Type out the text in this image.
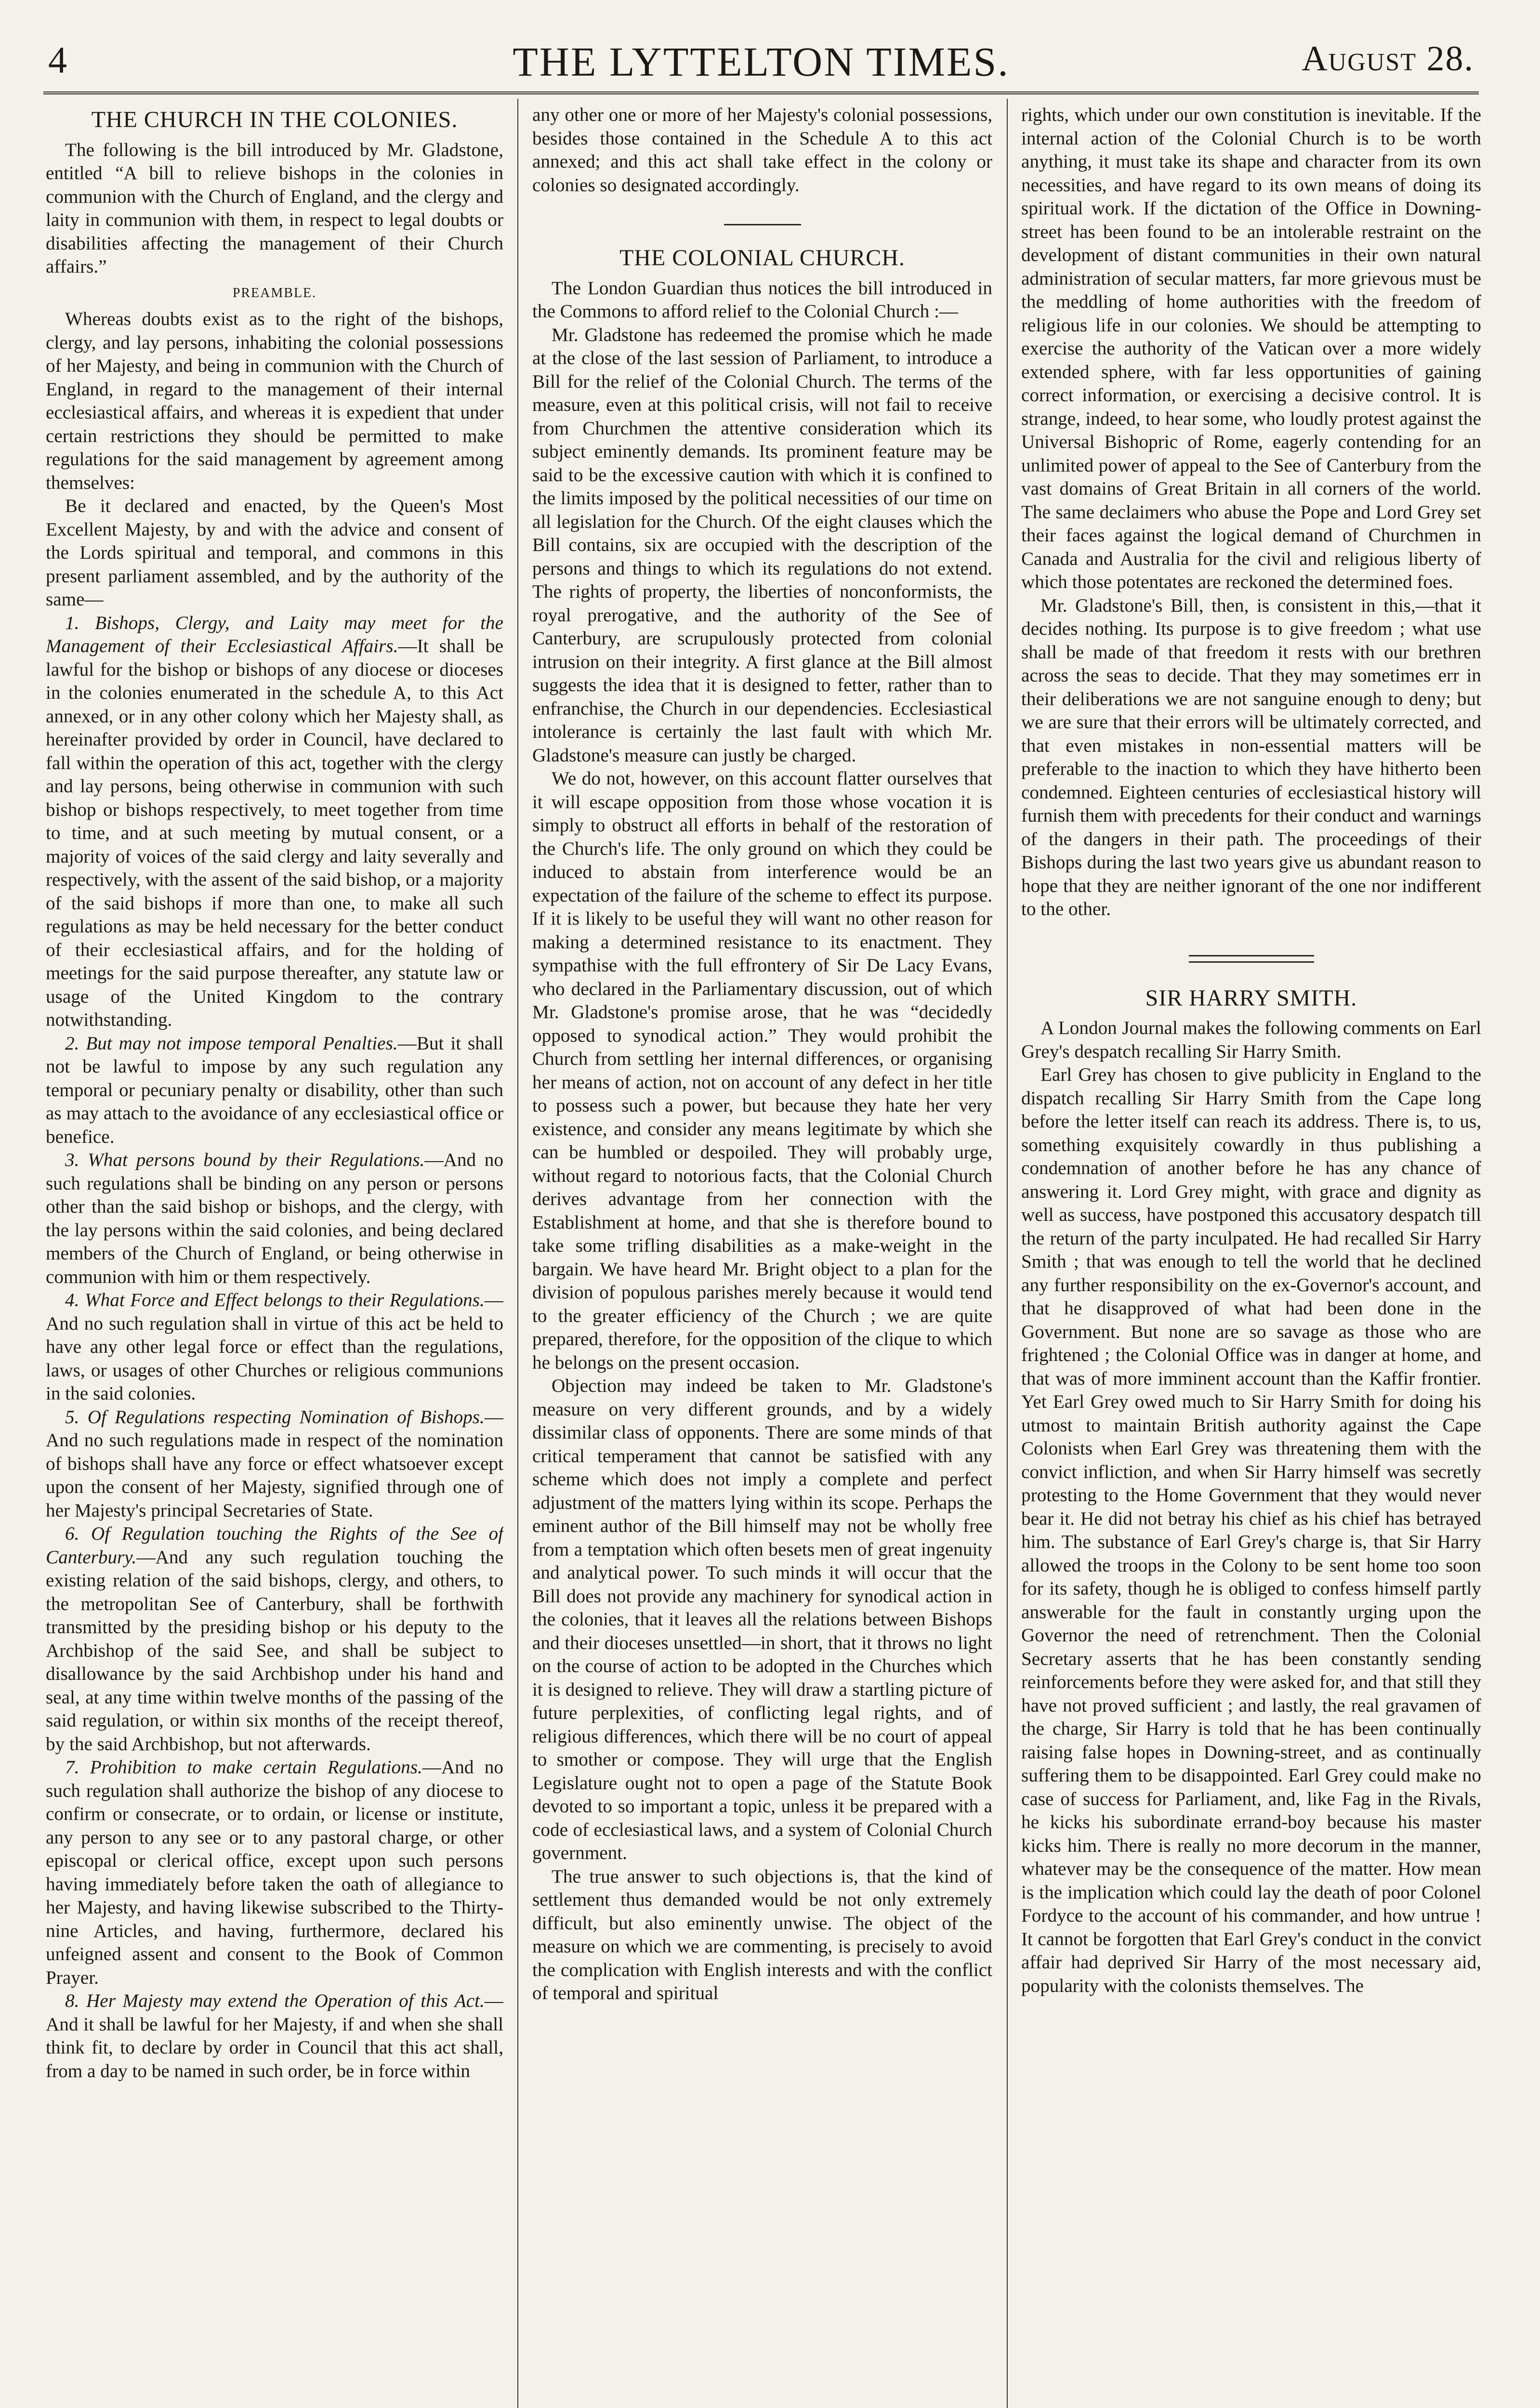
4	THE LYTTELTON TIMES.	August 28.
THE CHURCH IN THE COLONIES.

The following is the bill introduced by Mr. Gladstone, entitled “A bill to relieve bishops in the colonies in communion with the Church of England, and the clergy and laity in communion with them, in respect to legal doubts or disabilities affecting the management of their Church affairs.”

PREAMBLE.

Whereas doubts exist as to the right of the bishops, clergy, and lay persons, inhabiting the colonial possessions of her Majesty, and being in communion with the Church of England, in regard to the management of their internal ecclesiastical affairs, and whereas it is expedient that under certain restrictions they should be permitted to make regulations for the said management by agreement among themselves:

Be it declared and enacted, by the Queen's Most Excellent Majesty, by and with the advice and consent of the Lords spiritual and temporal, and commons in this present parliament assembled, and by the authority of the same—

1. Bishops, Clergy, and Laity may meet for the Management of their Ecclesiastical Affairs.—It shall be lawful for the bishop or bishops of any diocese or dioceses in the colonies enumerated in the schedule A, to this Act annexed, or in any other colony which her Majesty shall, as hereinafter provided by order in Council, have declared to fall within the operation of this act, together with the clergy and lay persons, being otherwise in communion with such bishop or bishops respectively, to meet together from time to time, and at such meeting by mutual consent, or a majority of voices of the said clergy and laity severally and respectively, with the assent of the said bishop, or a majority of the said bishops if more than one, to make all such regulations as may be held necessary for the better conduct of their ecclesiastical affairs, and for the holding of meetings for the said purpose thereafter, any statute law or usage of the United Kingdom to the contrary notwithstanding.

2. But may not impose temporal Penalties.—But it shall not be lawful to impose by any such regulation any temporal or pecuniary penalty or disability, other than such as may attach to the avoidance of any ecclesiastical office or benefice.

3. What persons bound by their Regulations.—And no such regulations shall be binding on any person or persons other than the said bishop or bishops, and the clergy, with the lay persons within the said colonies, and being declared members of the Church of England, or being otherwise in communion with him or them respectively.

4. What Force and Effect belongs to their Regulations.—And no such regulation shall in virtue of this act be held to have any other legal force or effect than the regulations, laws, or usages of other Churches or religious communions in the said colonies.

5. Of Regulations respecting Nomination of Bishops.—And no such regulations made in respect of the nomination of bishops shall have any force or effect whatsoever except upon the consent of her Majesty, signified through one of her Majesty's principal Secretaries of State.

6. Of Regulation touching the Rights of the See of Canterbury.—And any such regulation touching the existing relation of the said bishops, clergy, and others, to the metropolitan See of Canterbury, shall be forthwith transmitted by the presiding bishop or his deputy to the Archbishop of the said See, and shall be subject to disallowance by the said Archbishop under his hand and seal, at any time within twelve months of the passing of the said regulation, or within six months of the receipt thereof, by the said Archbishop, but not afterwards.

7. Prohibition to make certain Regulations.—And no such regulation shall authorize the bishop of any diocese to confirm or consecrate, or to ordain, or license or institute, any person to any see or to any pastoral charge, or other episcopal or clerical office, except upon such persons having immediately before taken the oath of allegiance to her Majesty, and having likewise subscribed to the Thirty-nine Articles, and having, furthermore, declared his unfeigned assent and consent to the Book of Common Prayer.

8. Her Majesty may extend the Operation of this Act.—And it shall be lawful for her Majesty, if and when she shall think fit, to declare by order in Council that this act shall, from a day to be named in such order, be in force within

any other one or more of her Majesty's colonial possessions, besides those contained in the Schedule A to this act annexed; and this act shall take effect in the colony or colonies so designated accordingly.

THE COLONIAL CHURCH.

The London Guardian thus notices the bill introduced in the Commons to afford relief to the Colonial Church :—

Mr. Gladstone has redeemed the promise which he made at the close of the last session of Parliament, to introduce a Bill for the relief of the Colonial Church. The terms of the measure, even at this political crisis, will not fail to receive from Churchmen the attentive consideration which its subject eminently demands. Its prominent feature may be said to be the excessive caution with which it is confined to the limits imposed by the political necessities of our time on all legislation for the Church. Of the eight clauses which the Bill contains, six are occupied with the description of the persons and things to which its regulations do not extend. The rights of property, the liberties of nonconformists, the royal prerogative, and the authority of the See of Canterbury, are scrupulously protected from colonial intrusion on their integrity. A first glance at the Bill almost suggests the idea that it is designed to fetter, rather than to enfranchise, the Church in our dependencies. Ecclesiastical intolerance is certainly the last fault with which Mr. Gladstone's measure can justly be charged.

We do not, however, on this account flatter ourselves that it will escape opposition from those whose vocation it is simply to obstruct all efforts in behalf of the restoration of the Church's life. The only ground on which they could be induced to abstain from interference would be an expectation of the failure of the scheme to effect its purpose. If it is likely to be useful they will want no other reason for making a determined resistance to its enactment. They sympathise with the full effrontery of Sir De Lacy Evans, who declared in the Parliamentary discussion, out of which Mr. Gladstone's promise arose, that he was “decidedly opposed to synodical action.” They would prohibit the Church from settling her internal differences, or organising her means of action, not on account of any defect in her title to possess such a power, but because they hate her very existence, and consider any means legitimate by which she can be humbled or despoiled. They will probably urge, without regard to notorious facts, that the Colonial Church derives advantage from her connection with the Establishment at home, and that she is therefore bound to take some trifling disabilities as a make-weight in the bargain. We have heard Mr. Bright object to a plan for the division of populous parishes merely because it would tend to the greater efficiency of the Church ; we are quite prepared, therefore, for the opposition of the clique to which he belongs on the present occasion.

Objection may indeed be taken to Mr. Gladstone's measure on very different grounds, and by a widely dissimilar class of opponents. There are some minds of that critical temperament that cannot be satisfied with any scheme which does not imply a complete and perfect adjustment of the matters lying within its scope. Perhaps the eminent author of the Bill himself may not be wholly free from a temptation which often besets men of great ingenuity and analytical power. To such minds it will occur that the Bill does not provide any machinery for synodical action in the colonies, that it leaves all the relations between Bishops and their dioceses unsettled—in short, that it throws no light on the course of action to be adopted in the Churches which it is designed to relieve. They will draw a startling picture of future perplexities, of conflicting legal rights, and of religious differences, which there will be no court of appeal to smother or compose. They will urge that the English Legislature ought not to open a page of the Statute Book devoted to so important a topic, unless it be prepared with a code of ecclesiastical laws, and a system of Colonial Church government.

The true answer to such objections is, that the kind of settlement thus demanded would be not only extremely difficult, but also eminently unwise. The object of the measure on which we are commenting, is precisely to avoid the complication with English interests and with the conflict of temporal and spiritual

rights, which under our own constitution is inevitable. If the internal action of the Colonial Church is to be worth anything, it must take its shape and character from its own necessities, and have regard to its own means of doing its spiritual work. If the dictation of the Office in Downing-street has been found to be an intolerable restraint on the development of distant communities in their own natural administration of secular matters, far more grievous must be the meddling of home authorities with the freedom of religious life in our colonies. We should be attempting to exercise the authority of the Vatican over a more widely extended sphere, with far less opportunities of gaining correct information, or exercising a decisive control. It is strange, indeed, to hear some, who loudly protest against the Universal Bishopric of Rome, eagerly contending for an unlimited power of appeal to the See of Canterbury from the vast domains of Great Britain in all corners of the world. The same declaimers who abuse the Pope and Lord Grey set their faces against the logical demand of Churchmen in Canada and Australia for the civil and religious liberty of which those potentates are reckoned the determined foes.

Mr. Gladstone's Bill, then, is consistent in this,—that it decides nothing. Its purpose is to give freedom ; what use shall be made of that freedom it rests with our brethren across the seas to decide. That they may sometimes err in their deliberations we are not sanguine enough to deny; but we are sure that their errors will be ultimately corrected, and that even mistakes in non-essential matters will be preferable to the inaction to which they have hitherto been condemned. Eighteen centuries of ecclesiastical history will furnish them with precedents for their conduct and warnings of the dangers in their path. The proceedings of their Bishops during the last two years give us abundant reason to hope that they are neither ignorant of the one nor indifferent to the other.

SIR HARRY SMITH.

A London Journal makes the following comments on Earl Grey's despatch recalling Sir Harry Smith.

Earl Grey has chosen to give publicity in England to the dispatch recalling Sir Harry Smith from the Cape long before the letter itself can reach its address. There is, to us, something exquisitely cowardly in thus publishing a condemnation of another before he has any chance of answering it. Lord Grey might, with grace and dignity as well as success, have postponed this accusatory despatch till the return of the party inculpated. He had recalled Sir Harry Smith ; that was enough to tell the world that he declined any further responsibility on the ex-Governor's account, and that he disapproved of what had been done in the Government. But none are so savage as those who are frightened ; the Colonial Office was in danger at home, and that was of more imminent account than the Kaffir frontier. Yet Earl Grey owed much to Sir Harry Smith for doing his utmost to maintain British authority against the Cape Colonists when Earl Grey was threatening them with the convict infliction, and when Sir Harry himself was secretly protesting to the Home Government that they would never bear it. He did not betray his chief as his chief has betrayed him. The substance of Earl Grey's charge is, that Sir Harry allowed the troops in the Colony to be sent home too soon for its safety, though he is obliged to confess himself partly answerable for the fault in constantly urging upon the Governor the need of retrenchment. Then the Colonial Secretary asserts that he has been constantly sending reinforcements before they were asked for, and that still they have not proved sufficient ; and lastly, the real gravamen of the charge, Sir Harry is told that he has been continually raising false hopes in Downing-street, and as continually suffering them to be disappointed. Earl Grey could make no case of success for Parliament, and, like Fag in the Rivals, he kicks his subordinate errand-boy because his master kicks him. There is really no more decorum in the manner, whatever may be the consequence of the matter. How mean is the implication which could lay the death of poor Colonel Fordyce to the account of his commander, and how untrue ! It cannot be forgotten that Earl Grey's conduct in the convict affair had deprived Sir Harry of the most necessary aid, popularity with the colonists themselves. The
